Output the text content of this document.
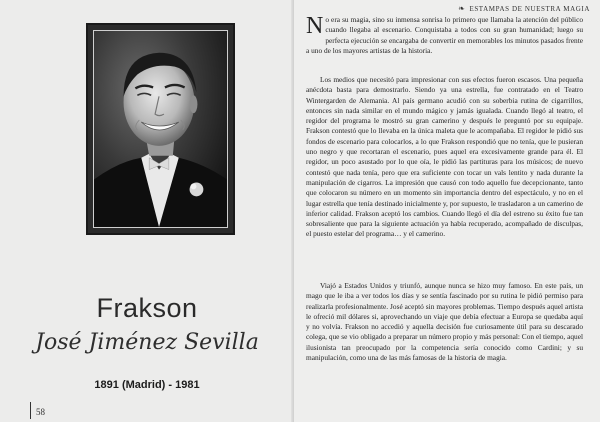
Frakson
José Jiménez Sevilla
1891 (Madrid) - 1981
58
❧ ESTAMPAS DE NUESTRA MAGIA

No era su magia, sino su inmensa sonrisa lo primero que llamaba la atención del público cuando llegaba al escenario. Conquistaba a todos con su gran humanidad; luego su perfecta ejecución se encargaba de convertir en memorables los minutos pasados frente a uno de los mayores artistas de la historia.

Los medios que necesitó para impresionar con sus efectos fueron escasos. Una pequeña anécdota basta para demostrarlo. Siendo ya una estrella, fue contratado en el Teatro Wintergarden de Alemania. Al país germano acudió con su soberbia rutina de cigarrillos, entonces sin nada similar en el mundo mágico y jamás igualada. Cuando llegó al teatro, el regidor del programa le mostró su gran camerino y después le preguntó por su equipaje. Frakson contestó que lo llevaba en la única maleta que le acompañaba. El regidor le pidió sus fondos de escenario para colocarlos, a lo que Frakson respondió que no tenía, que le pusieran uno negro y que recortaran el escenario, pues aquel era excesivamente grande para él. El regidor, un poco asustado por lo que oía, le pidió las partituras para los músicos; de nuevo contestó que nada tenía, pero que era suficiente con tocar un vals lentito y nada durante la manipulación de cigarros. La impresión que causó con todo aquello fue decepcionante, tanto que colocaron su número en un momento sin importancia dentro del espectáculo, y no en el lugar estrella que tenía destinado inicialmente y, por supuesto, le trasladaron a un camerino de inferior calidad. Frakson aceptó los cambios. Cuando llegó el día del estreno su éxito fue tan sobresaliente que para la siguiente actuación ya había recuperado, acompañado de disculpas, el puesto estelar del programa… y el camerino.

Viajó a Estados Unidos y triunfó, aunque nunca se hizo muy famoso. En este país, un mago que le iba a ver todos los días y se sentía fascinado por su rutina le pidió permiso para realizarla profesionalmente. José aceptó sin mayores problemas. Tiempo después aquel artista le ofreció mil dólares si, aprovechando un viaje que debía efectuar a Europa se quedaba aquí y no volvía. Frakson no accedió y aquella decisión fue curiosamente útil para su descarado colega, que se vio obligado a preparar un número propio y más personal: Con el tiempo, aquel ilusionista tan preocupado por la competencia sería conocido como Cardini; y su manipulación, como una de las más famosas de la historia de magia.
